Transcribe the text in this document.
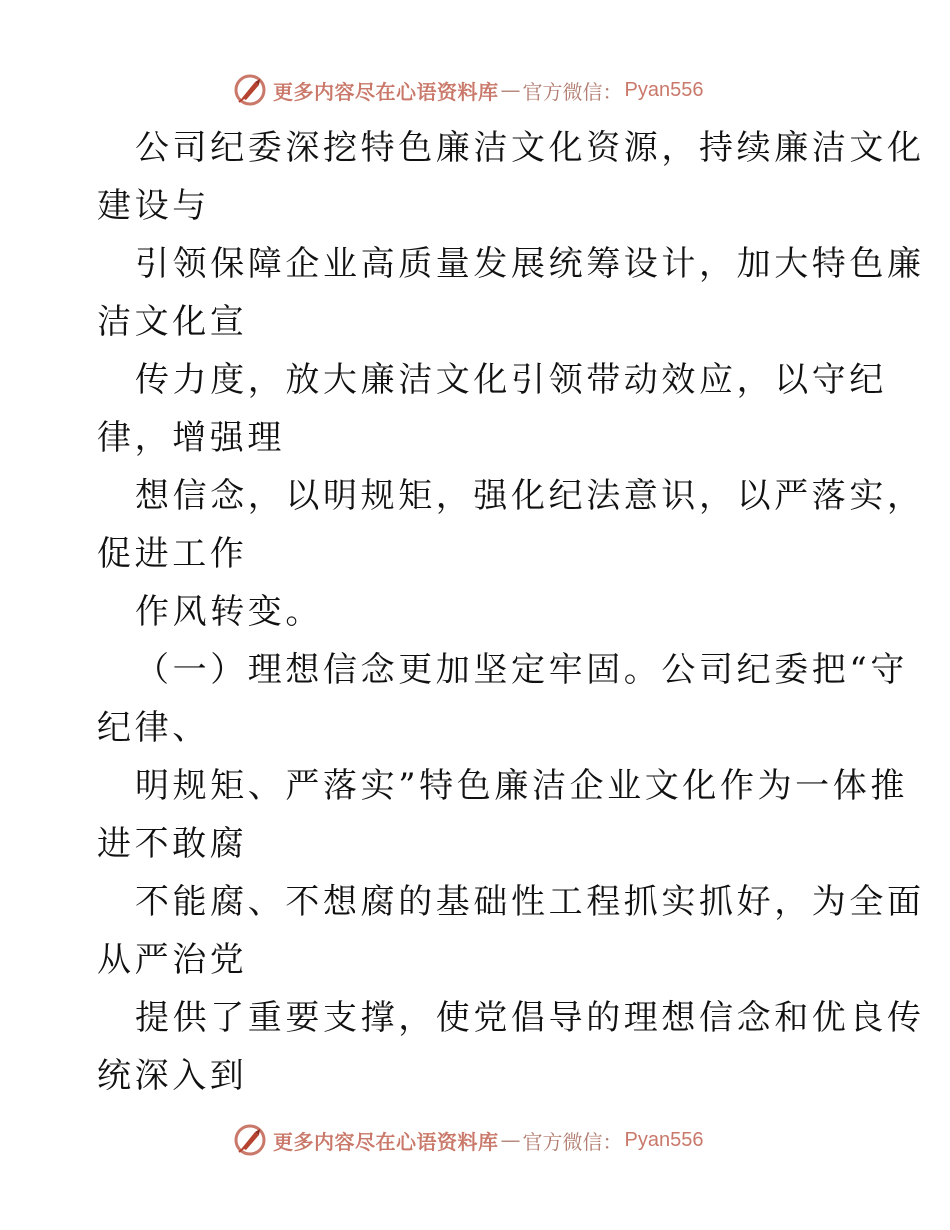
更多内容尽在心语资料库 — 官方微信： Pyan556
公司纪委深挖特色廉洁文化资源，持续廉洁文化
建设与
引领保障企业高质量发展统筹设计，加大特色廉
洁文化宣
传力度，放大廉洁文化引领带动效应，以守纪
律，增强理
想信念，以明规矩，强化纪法意识，以严落实，
促进工作
作风转变。
（一）理想信念更加坚定牢固。公司纪委把“守
纪律、
明规矩、严落实”特色廉洁企业文化作为一体推
进不敢腐
不能腐、不想腐的基础性工程抓实抓好，为全面
从严治党
提供了重要支撑，使党倡导的理想信念和优良传
统深入到
更多内容尽在心语资料库 — 官方微信： Pyan556
